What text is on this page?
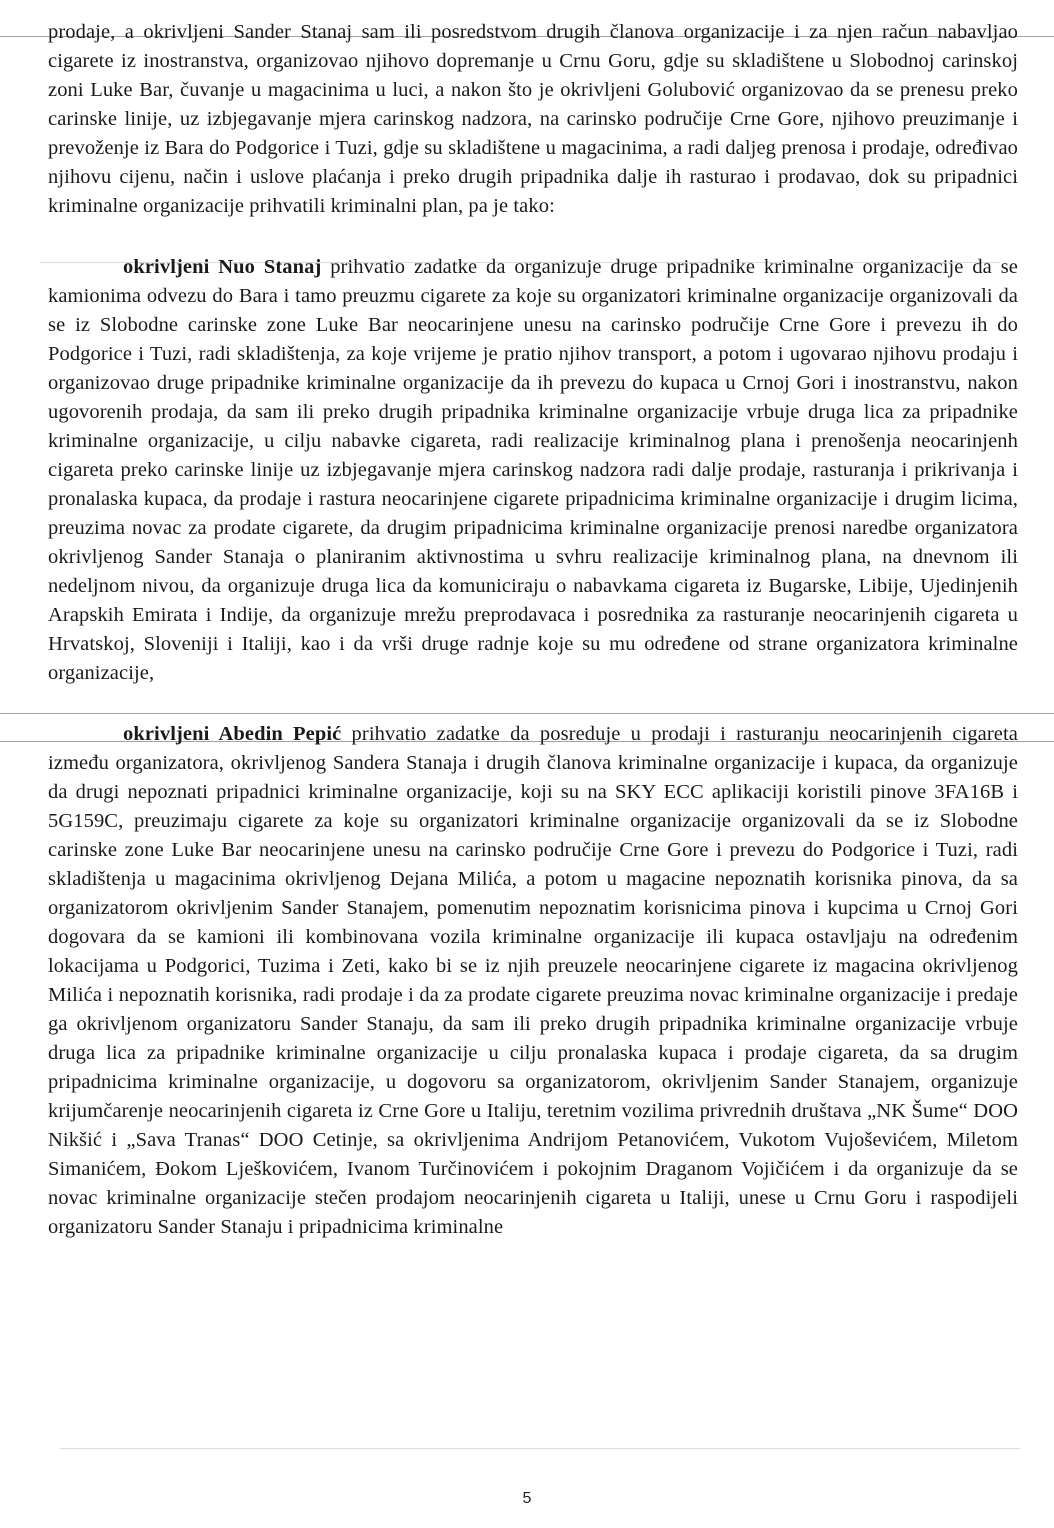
prodaje, a okrivljeni Sander Stanaj sam ili posredstvom drugih članova organizacije i za njen račun nabavljao cigarete iz inostranstva, organizovao njihovo dopremanje u Crnu Goru, gdje su skladištene u Slobodnoj carinskoj zoni Luke Bar, čuvanje u magacinima u luci, a nakon što je okrivljeni Golubović organizovao da se prenesu preko carinske linije, uz izbjegavanje mjera carinskog nadzora, na carinsko područije Crne Gore, njihovo preuzimanje i prevoženje iz Bara do Podgorice i Tuzi, gdje su skladištene u magacinima, a radi daljeg prenosa i prodaje, određivao njihovu cijenu, način i uslove plaćanja i preko drugih pripadnika dalje ih rasturao i prodavao, dok su pripadnici kriminalne organizacije prihvatili kriminalni plan, pa je tako:

okrivljeni Nuo Stanaj prihvatio zadatke da organizuje druge pripadnike kriminalne organizacije da se kamionima odvezu do Bara i tamo preuzmu cigarete za koje su organizatori kriminalne organizacije organizovali da se iz Slobodne carinske zone Luke Bar neocarinjene unesu na carinsko područije Crne Gore i prevezu ih do Podgorice i Tuzi, radi skladištenja, za koje vrijeme je pratio njihov transport, a potom i ugovarao njihovu prodaju i organizovao druge pripadnike kriminalne organizacije da ih prevezu do kupaca u Crnoj Gori i inostranstvu, nakon ugovorenih prodaja, da sam ili preko drugih pripadnika kriminalne organizacije vrbuje druga lica za pripadnike kriminalne organizacije, u cilju nabavke cigareta, radi realizacije kriminalnog plana i prenošenja neocarinjenh cigareta preko carinske linije uz izbjegavanje mjera carinskog nadzora radi dalje prodaje, rasturanja i prikrivanja i pronalaska kupaca, da prodaje i rastura neocarinjene cigarete pripadnicima kriminalne organizacije i drugim licima, preuzima novac za prodate cigarete, da drugim pripadnicima kriminalne organizacije prenosi naredbe organizatora okrivljenog Sander Stanaja o planiranim aktivnostima u svhru realizacije kriminalnog plana, na dnevnom ili nedeljnom nivou, da organizuje druga lica da komuniciraju o nabavkama cigareta iz Bugarske, Libije, Ujedinjenih Arapskih Emirata i Indije, da organizuje mrežu preprodavaca i posrednika za rasturanje neocarinjenih cigareta u Hrvatskoj, Sloveniji i Italiji, kao i da vrši druge radnje koje su mu određene od strane organizatora kriminalne organizacije,

okrivljeni Abedin Pepić prihvatio zadatke da posreduje u prodaji i rasturanju neocarinjenih cigareta između organizatora, okrivljenog Sandera Stanaja i drugih članova kriminalne organizacije i kupaca, da organizuje da drugi nepoznati pripadnici kriminalne organizacije, koji su na SKY ECC aplikaciji koristili pinove 3FA16B i 5G159C, preuzimaju cigarete za koje su organizatori kriminalne organizacije organizovali da se iz Slobodne carinske zone Luke Bar neocarinjene unesu na carinsko područije Crne Gore i prevezu do Podgorice i Tuzi, radi skladištenja u magacinima okrivljenog Dejana Milića, a potom u magacine nepoznatih korisnika pinova, da sa organizatorom okrivljenim Sander Stanajem, pomenutim nepoznatim korisnicima pinova i kupcima u Crnoj Gori dogovara da se kamioni ili kombinovana vozila kriminalne organizacije ili kupaca ostavljaju na određenim lokacijama u Podgorici, Tuzima i Zeti, kako bi se iz njih preuzele neocarinjene cigarete iz magacina okrivljenog Milića i nepoznatih korisnika, radi prodaje i da za prodate cigarete preuzima novac kriminalne organizacije i predaje ga okrivljenom organizatoru Sander Stanaju, da sam ili preko drugih pripadnika kriminalne organizacije vrbuje druga lica za pripadnike kriminalne organizacije u cilju pronalaska kupaca i prodaje cigareta, da sa drugim pripadnicima kriminalne organizacije, u dogovoru sa organizatorom, okrivljenim Sander Stanajem, organizuje krijumčarenje neocarinjenih cigareta iz Crne Gore u Italiju, teretnim vozilima privrednih društava „NK Šume“ DOO Nikšić i „Sava Tranas“ DOO Cetinje, sa okrivljenima Andrijom Petanovićem, Vukotom Vujoševićem, Miletom Simanićem, Đokom Lješkovićem, Ivanom Turčinovićem i pokojnim Draganom Vojičićem i da organizuje da se novac kriminalne organizacije stečen prodajom neocarinjenih cigareta u Italiji, unese u Crnu Goru i raspodijeli organizatoru Sander Stanaju i pripadnicima kriminalne

5
